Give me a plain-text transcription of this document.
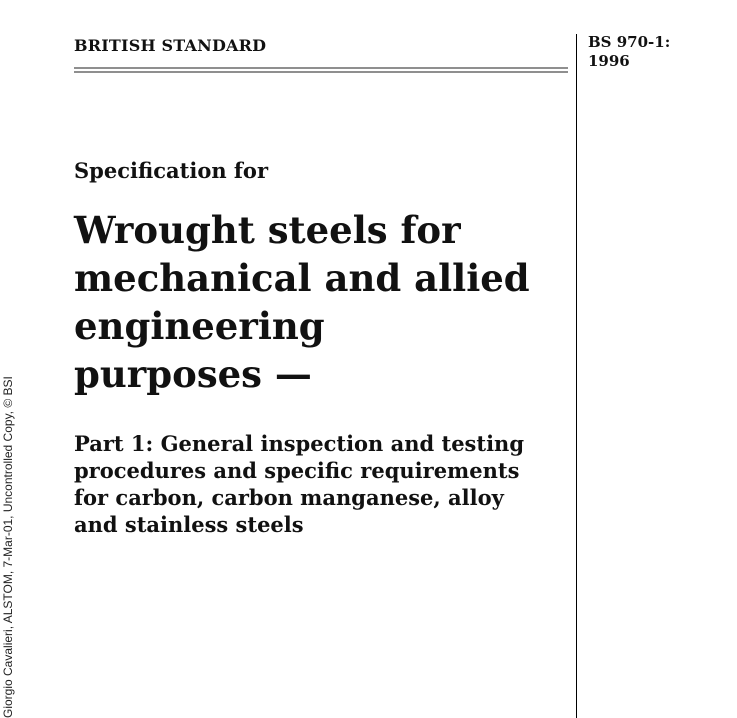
Giorgio Cavalieri, ALSTOM, 7-Mar-01, Uncontrolled Copy, © BSI
BRITISH STANDARD	BS 970-1:
1996
Specification for
Wrought steels for
mechanical and allied
engineering
purposes —
Part 1: General inspection and testing
procedures and specific requirements
for carbon, carbon manganese, alloy
and stainless steels
